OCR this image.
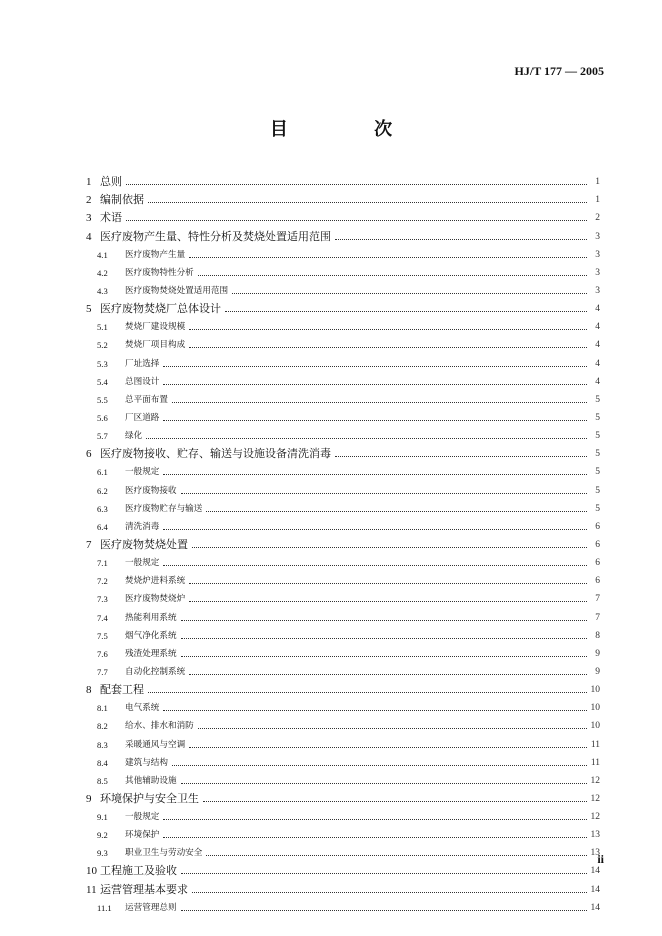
HJ/T 177 — 2005
目 次
1 总则	1
2 编制依据	1
3 术语	2
4 医疗废物产生量、特性分析及焚烧处置适用范围	3
4.1	医疗废物产生量	3
4.2	医疗废物特性分析	3
4.3	医疗废物焚烧处置适用范围	3
5 医疗废物焚烧厂总体设计	4
5.1	焚烧厂建设规模	4
5.2	焚烧厂项目构成	4
5.3	厂址选择	4
5.4	总图设计	4
5.5	总平面布置	5
5.6	厂区道路	5
5.7	绿化	5
6 医疗废物接收、贮存、输送与设施设备清洗消毒	5
6.1	一般规定	5
6.2	医疗废物接收	5
6.3	医疗废物贮存与输送	5
6.4	清洗消毒	6
7 医疗废物焚烧处置	6
7.1	一般规定	6
7.2	焚烧炉进料系统	6
7.3	医疗废物焚烧炉	7
7.4	热能利用系统	7
7.5	烟气净化系统	8
7.6	残渣处理系统	9
7.7	自动化控制系统	9
8 配套工程	10
8.1	电气系统	10
8.2	给水、排水和消防	10
8.3	采暖通风与空调	11
8.4	建筑与结构	11
8.5	其他辅助设施	12
9 环境保护与安全卫生	12
9.1	一般规定	12
9.2	环境保护	13
9.3	职业卫生与劳动安全	13
10 工程施工及验收	14
11 运营管理基本要求	14
11.1	运营管理总则	14
ii
